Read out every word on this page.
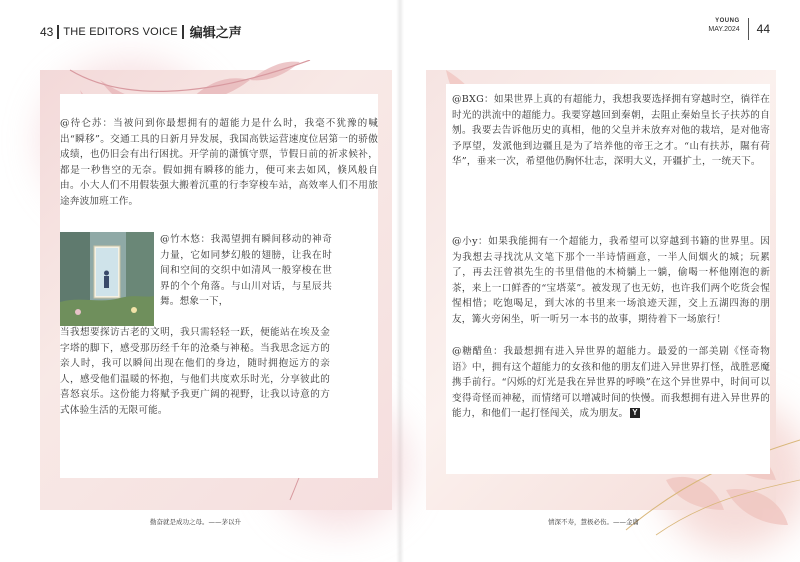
43 THE EDITORS VOICE 编辑之声
YOUNG
MAY.2024 44
@待仑苏：当被问到你最想拥有的超能力是什么时，我毫不犹豫的喊出“瞬移”。交通工具的日新月异发展，我国高铁运营速度位居第一的骄傲成绩，也仍旧会有出行困扰。开学前的潇慎守票，节假日前的祈求候补，都是一秒售空的无奈。假如拥有瞬移的能力，便可来去如风，倏风般自由。小大人们不用假装强大搬着沉重的行李穿梭车站，高效率人们不用旅途奔波加班工作。
@竹木悠：我渴望拥有瞬间移动的神奇力量，它如同梦幻般的翅膀，让我在时间和空间的交织中如清风一般穿梭在世界的个个角落。与山川对话，与星辰共舞。想象一下，
当我想要探访古老的文明，我只需轻轻一跃，便能站在埃及金字塔的脚下，感受那历经千年的沧桑与神秘。当我思念远方的亲人时，我可以瞬间出现在他们的身边，随时拥抱远方的亲人，感受他们温暖的怀抱，与他们共度欢乐时光，分享彼此的喜怒哀乐。这份能力将赋予我更广阔的视野，让我以诗意的方式体验生活的无限可能。
@BXG：如果世界上真的有超能力，我想我要选择拥有穿越时空，徜徉在时光的洪流中的超能力。我要穿越回到秦朝，去阻止秦始皇长子扶苏的自刎。我要去告诉他历史的真相，他的父皇并未放弃对他的栽培，是对他寄予厚望，发派他到边疆且是为了培养他的帝王之才。“山有扶苏，隰有荷华”，垂来一次，希望他仍胸怀壮志，深明大义，开疆扩土，一统天下。
@小y：如果我能拥有一个超能力，我希望可以穿越到书籍的世界里。因为我想去寻找沈从文笔下那个一半诗情画意，一半人间烟火的城；玩累了，再去汪曾祺先生的书里借他的木椅躺上一躺，偷喝一杯他刚泡的新茶，来上一口鲜香的“宝塔菜”。被发现了也无妨，也许我们两个吃货会惺惺相惜；吃饱喝足，到大冰的书里来一场浪迹天涯，交上五湖四海的朋友，篝火旁闲坐，听一听另一本书的故事，期待着下一场旅行！
@糖醋鱼：我最想拥有进入异世界的超能力。最爱的一部美剧《怪奇物语》中，拥有这个超能力的女孩和他的朋友们进入异世界打怪，战胜恶魔携手前行。“闪烁的灯光是我在异世界的呼唤”在这个异世界中，时间可以变得奇怪而神秘，而情绪可以增减时间的快慢。而我想拥有进入异世界的能力，和他们一起打怪闯关，成为朋友。 Y
勤奋就是成功之母。——茅以升	情深不寿，慧极必伤。——金庸
